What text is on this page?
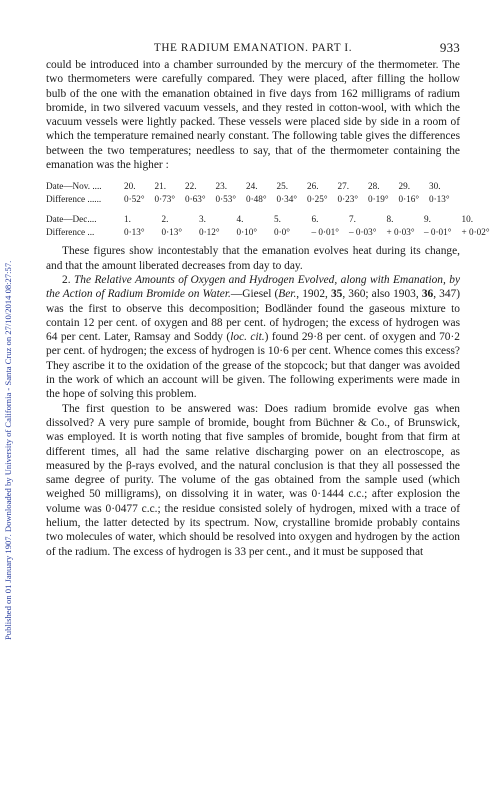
Published on 01 January 1907. Downloaded by University of California - Santa Cruz on 27/10/2014 08:27:57.
THE RADIUM EMANATION. PART I.	933

could be introduced into a chamber surrounded by the mercury of the thermometer. The two thermometers were carefully compared. They were placed, after filling the hollow bulb of the one with the emanation obtained in five days from 162 milligrams of radium bromide, in two silvered vacuum vessels, and they rested in cotton-wool, with which the vacuum vessels were lightly packed. These vessels were placed side by side in a room of which the temperature remained nearly constant. The following table gives the differences between the two temperatures; needless to say, that of the thermometer containing the emanation was the higher :

Date—Nov. ....	20.	21.	22.	23.	24.	25.	26.	27.	28.	29.	30.
Difference ......	0·52°	0·73°	0·63°	0·53°	0·48°	0·34°	0·25°	0·23°	0·19°	0·16°	0·13°
Date—Dec....	1.	2.	3.	4.	5.	6.	7.	8.	9.	10.
Difference ...	0·13°	0·13°	0·12°	0·10°	0·0°	– 0·01°	– 0·03°	+ 0·03°	– 0·01°	+ 0·02°

These figures show incontestably that the emanation evolves heat during its change, and that the amount liberated decreases from day to day.

2. The Relative Amounts of Oxygen and Hydrogen Evolved, along with Emanation, by the Action of Radium Bromide on Water.—Giesel (Ber., 1902, 35, 360; also 1903, 36, 347) was the first to observe this decomposition; Bodländer found the gaseous mixture to contain 12 per cent. of oxygen and 88 per cent. of hydrogen; the excess of hydrogen was 64 per cent. Later, Ramsay and Soddy (loc. cit.) found 29·8 per cent. of oxygen and 70·2 per cent. of hydrogen; the excess of hydrogen is 10·6 per cent. Whence comes this excess? They ascribe it to the oxidation of the grease of the stopcock; but that danger was avoided in the work of which an account will be given. The following experiments were made in the hope of solving this problem.

The first question to be answered was: Does radium bromide evolve gas when dissolved? A very pure sample of bromide, bought from Büchner & Co., of Brunswick, was employed. It is worth noting that five samples of bromide, bought from that firm at different times, all had the same relative discharging power on an electroscope, as measured by the β-rays evolved, and the natural conclusion is that they all possessed the same degree of purity. The volume of the gas obtained from the sample used (which weighed 50 milligrams), on dissolving it in water, was 0·1444 c.c.; after explosion the volume was 0·0477 c.c.; the residue consisted solely of hydrogen, mixed with a trace of helium, the latter detected by its spectrum. Now, crystalline bromide probably contains two molecules of water, which should be resolved into oxygen and hydrogen by the action of the radium. The excess of hydrogen is 33 per cent., and it must be supposed that
